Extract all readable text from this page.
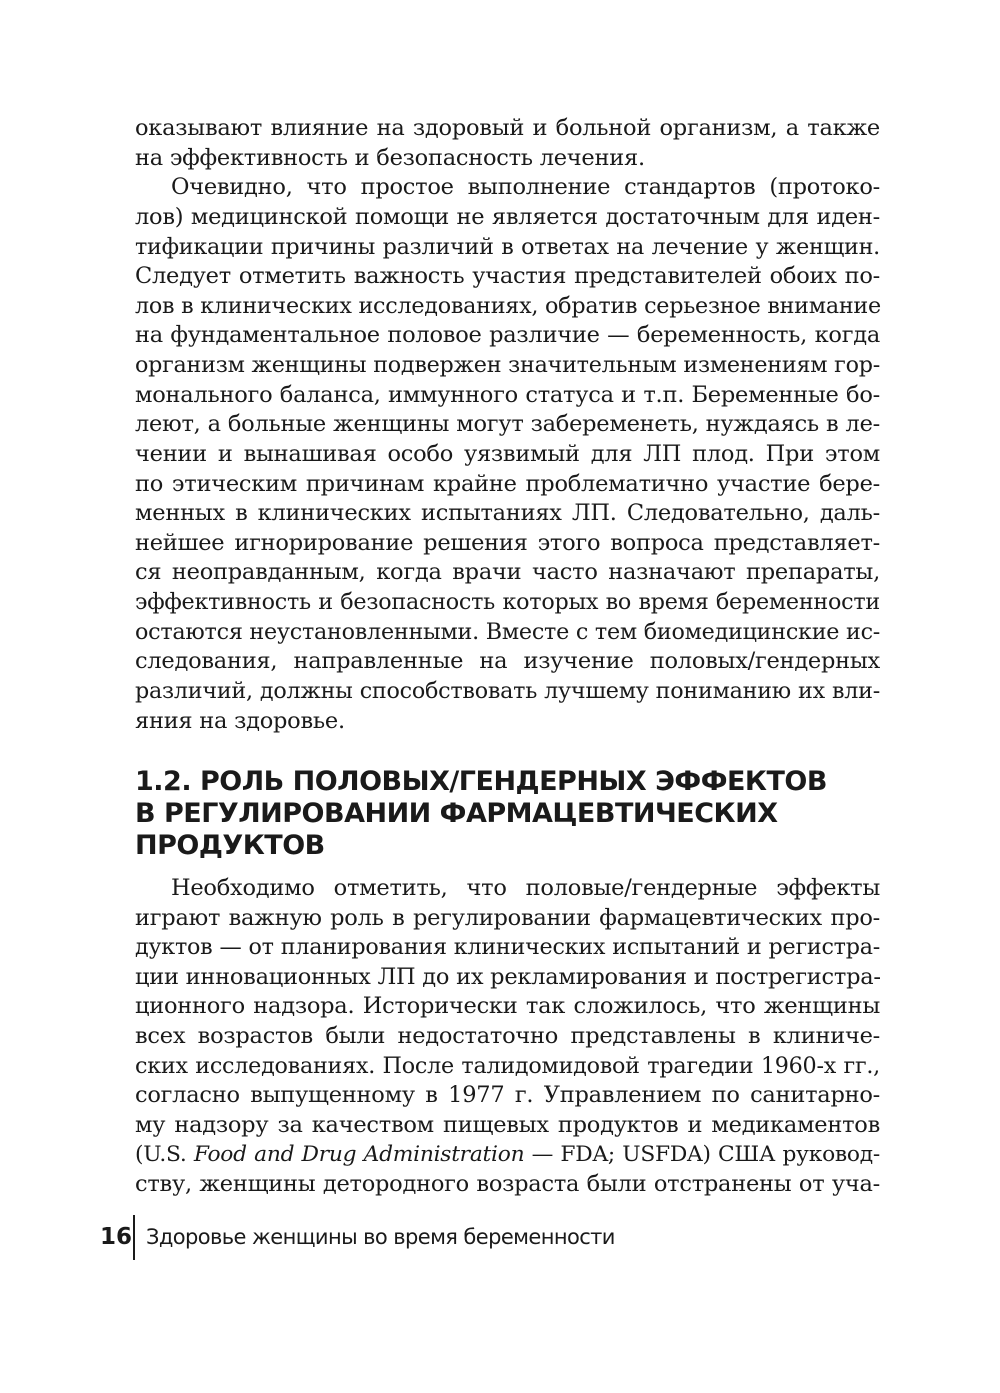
оказывают влияние на здоровый и больной организм, а также
на эффективность и безопасность лечения.
Очевидно, что простое выполнение стандартов (протоко-
лов) медицинской помощи не является достаточным для иден-
тификации причины различий в ответах на лечение у женщин.
Следует отметить важность участия представителей обоих по-
лов в клинических исследованиях, обратив серьезное внимание
на фундаментальное половое различие — беременность, когда
организм женщины подвержен значительным изменениям гор-
монального баланса, иммунного статуса и т.п. Беременные бо-
леют, а больные женщины могут забеременеть, нуждаясь в ле-
чении и вынашивая особо уязвимый для ЛП плод. При этом
по этическим причинам крайне проблематично участие бере-
менных в клинических испытаниях ЛП. Следовательно, даль-
нейшее игнорирование решения этого вопроса представляет-
ся неоправданным, когда врачи часто назначают препараты,
эффективность и безопасность которых во время беременности
остаются неустановленными. Вместе с тем биомедицинские ис-
следования, направленные на изучение половых/гендерных
различий, должны способствовать лучшему пониманию их вли-
яния на здоровье.
1.2. РОЛЬ ПОЛОВЫХ/ГЕНДЕРНЫХ ЭФФЕКТОВ
В РЕГУЛИРОВАНИИ ФАРМАЦЕВТИЧЕСКИХ
ПРОДУКТОВ
Необходимо отметить, что половые/гендерные эффекты
играют важную роль в регулировании фармацевтических про-
дуктов — от планирования клинических испытаний и регистра-
ции инновационных ЛП до их рекламирования и пострегистра-
ционного надзора. Исторически так сложилось, что женщины
всех возрастов были недостаточно представлены в клиниче-
ских исследованиях. После талидомидовой трагедии 1960-х гг.,
согласно выпущенному в 1977 г. Управлением по санитарно-
му надзору за качеством пищевых продуктов и медикаментов
(U.S. Food and Drug Administration — FDA; USFDA) США руковод-
ству, женщины детородного возраста были отстранены от уча-
16 Здоровье женщины во время беременности
